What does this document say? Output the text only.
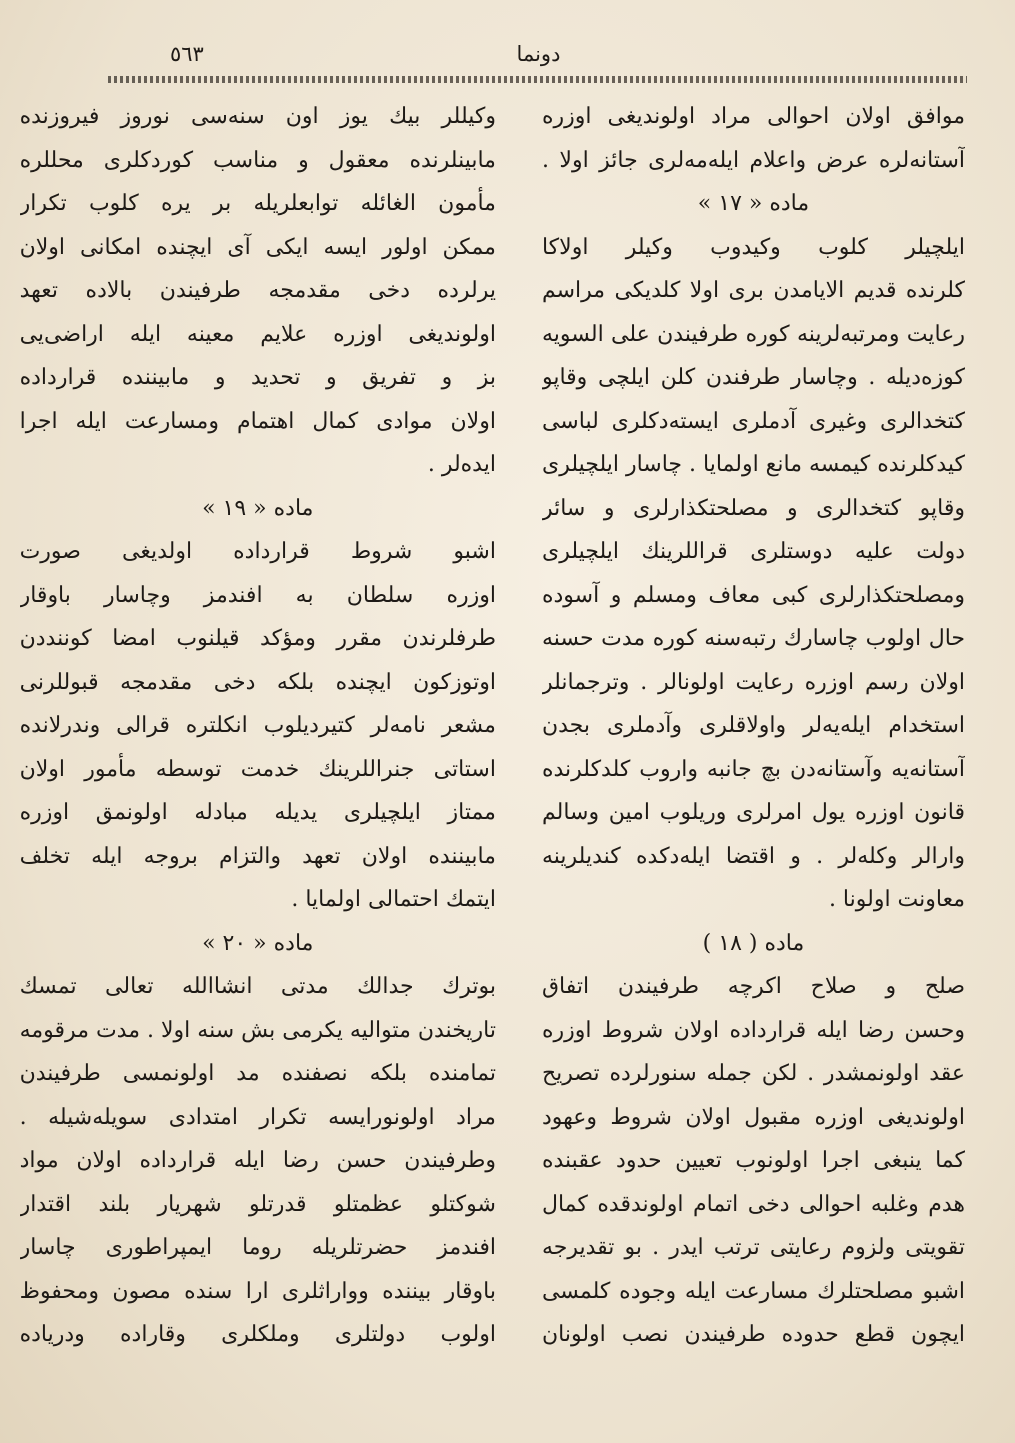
دونما
٥٦٣
موافق اولان احوالی مراد اولوندیغی اوزره
آستانەلره عرض واعلام ایلەمەلری جائز اولا .
مادە « ١٧ »
ایلچیلر کلوب وکیدوب وکیلر اولاکا
کلرندە قدیم الایامدن بری اولا کلدیکی مراسم
رعایت ومرتبەلرینە کورە طرفیندن علی السویە
کوزەدیلە . وچاسار طرفندن کلن ایلچی وقاپو
کتخدالری وغیری آدملری ایستەدکلری لباسی
کیدکلرندە کیمسە مانع اولمایا . چاسار ایلچیلری
وقاپو کتخدالری و مصلحتکذارلری و سائر
دولت علیه دوستلری قراللرینك ایلچیلری
ومصلحتکذارلری کبی معاف ومسلم و آسوده
حال اولوب چاسارك رتبەسنە کورە مدت حسنە
اولان رسم اوزرە رعایت اولونالر . وترجمانلر
استخدام ایلەیەلر واولاقلری وآدملری بجدن
آستانەیە وآستانەدن بچ جانبە واروب کلدکلرندە
قانون اوزرە یول امرلری وریلوب امین وسالم
وارالر وکلەلر . و اقتضا ایلەدکدە کندیلرینە
معاونت اولونا .
مادە ( ١٨ )
صلح و صلاح اکرچە طرفیندن اتفاق
وحسن رضا ایلە قراردادە اولان شروط اوزرە
عقد اولونمشدر . لکن جملە سنورلردە تصریح
اولوندیغی اوزرە مقبول اولان شروط وعهود
کما ینبغی اجرا اولونوب تعیین حدود عقبندە
هدم وغلبه احوالی دخی اتمام اولوندقدە کمال
تقویتی ولزوم رعایتی ترتب ایدر . بو تقدیرجە
اشبو مصلحتلرك مسارعت ایلە وجودە کلمسی
ایچون قطع حدودە طرفیندن نصب اولونان
وکیللر بیك یوز اون سنەسی نوروز فیروزندە
مابینلرندە معقول و مناسب کوردکلری محللرە
مأمون الغائلە توابعلریلە بر یرە کلوب تکرار
ممکن اولور ایسە ایکی آی ایچندە امکانی اولان
یرلردە دخی مقدمجە طرفیندن بالادە تعهد
اولوندیغی اوزرە علایم معینە ایلە اراضی‌یی
بز و تفریق و تحدید و مابینندە قراردادە
اولان موادی کمال اهتمام ومسارعت ایلە اجرا
ایدەلر .
مادە « ١٩ »
اشبو شروط قراردادە اولدیغی صورت
اوزرە سلطان بە افندمز وچاسار باوقار
طرفلرندن مقرر ومؤکد قیلنوب امضا کوننددن
اوتوزکون ایچندە بلکە دخی مقدمجە قبوللرنی
مشعر نامەلر کتیردیلوب انکلتره قرالی وندرلاندە
استاتی جنراللرینك خدمت توسطە مأمور اولان
ممتاز ایلچیلری یدیلە مبادلە اولونمق اوزرە
مابینندە اولان تعهد والتزام بروجە ایلە تخلف
ایتمك احتمالی اولمایا .
مادە « ٢٠ »
بوترك جدالك مدتی انشاالله تعالی تمسك
تاریخندن متوالیه یکرمی بش سنە اولا . مدت مرقومە
تمامندە بلکە نصفندە مد اولونمسی طرفیندن
مراد اولونورایسە تکرار امتدادی سویلەشیلە .
وطرفیندن حسن رضا ایلە قراردادە اولان مواد
شوکتلو عظمتلو قدرتلو شهریار بلند اقتدار
افندمز حضرتلریلە روما ایمپراطوری چاسار
باوقار بیننده وواراثلری ارا سندە مصون ومحفوظ
اولوب دولتلری وملکلری وقارادە ودریادە
